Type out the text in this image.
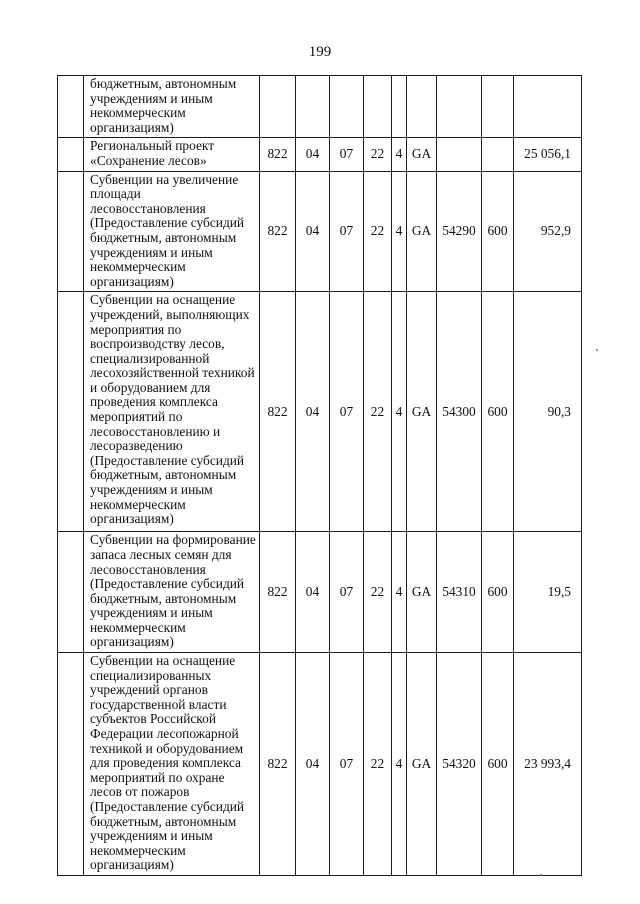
199
	бюджетным, автономным учреждениям и иным некоммерческим организациям)									
	Региональный проект «Сохранение лесов»	822	04	07	22	4	GA			25 056,1
	Субвенции на увеличение площади лесовосстановления (Предоставление субсидий бюджетным, автономным учреждениям и иным некоммерческим организациям)	822	04	07	22	4	GA	54290	600	952,9
	Субвенции на оснащение учреждений, выполняющих мероприятия по воспроизводству лесов, специализированной лесохозяйственной техникой и оборудованием для проведения комплекса мероприятий по лесовосстановлению и лесоразведению (Предоставление субсидий бюджетным, автономным учреждениям и иным некоммерческим организациям)	822	04	07	22	4	GA	54300	600	90,3
	Субвенции на формирование запаса лесных семян для лесовосстановления (Предоставление субсидий бюджетным, автономным учреждениям и иным некоммерческим организациям)	822	04	07	22	4	GA	54310	600	19,5
	Субвенции на оснащение специализированных учреждений органов государственной власти субъектов Российской Федерации лесопожарной техникой и оборудованием для проведения комплекса мероприятий по охране лесов от пожаров (Предоставление субсидий бюджетным, автономным учреждениям и иным некоммерческим организациям)	822	04	07	22	4	GA	54320	600	23 993,4
